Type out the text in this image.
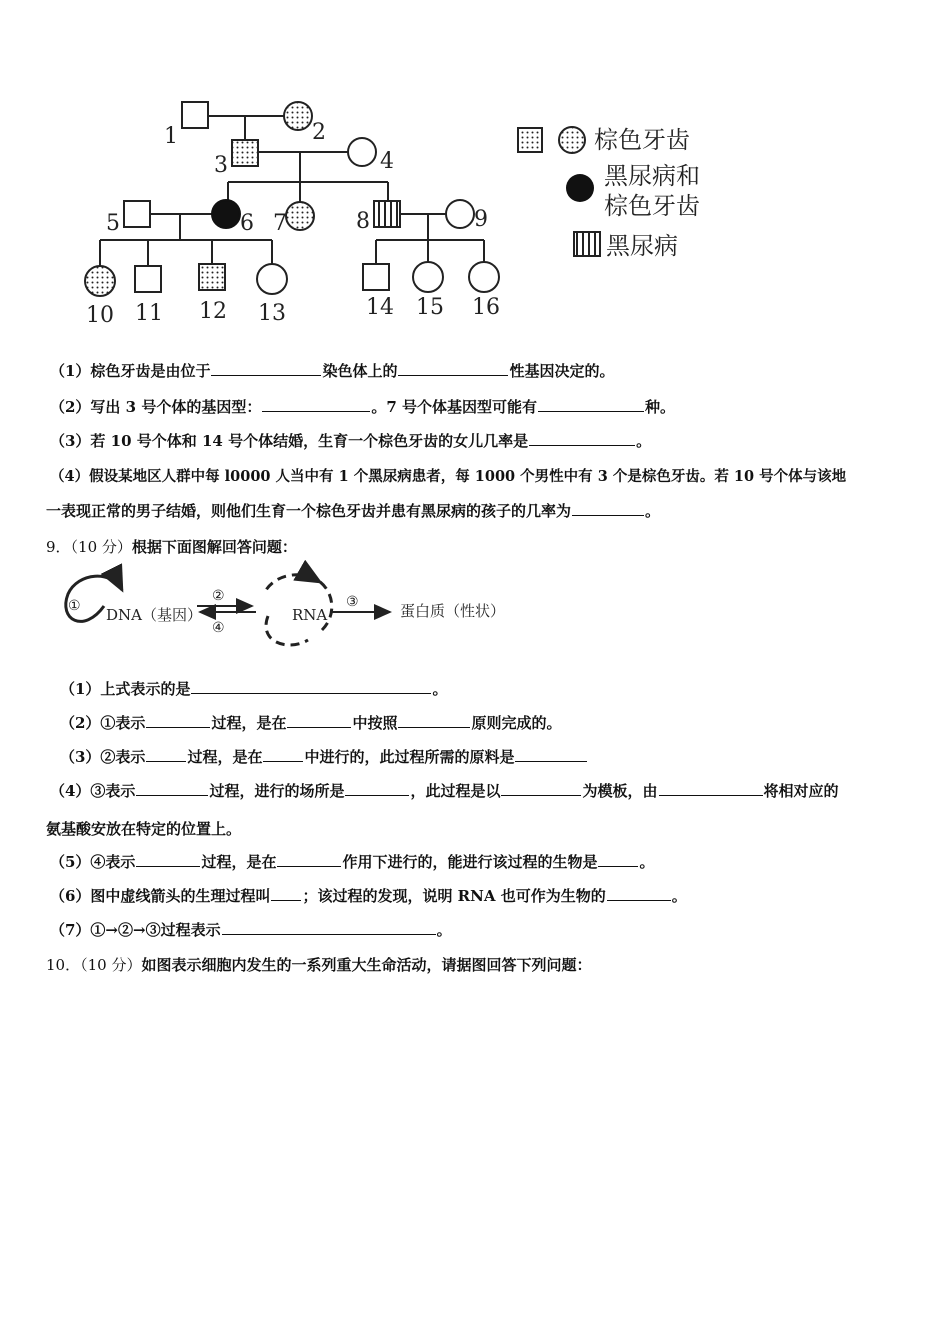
1	2
3	4
5	6 7	8	9
10 11 12 13	14 15 16
棕色牙齿
黑尿病和
棕色牙齿
黑尿病
（1）棕色牙齿是由位于	染色体上的	性基因决定的。
（2）写出 3 号个体的基因型：	。7 号个体基因型可能有	种。
（3）若 10 号个体和 14 号个体结婚，生育一个棕色牙齿的女儿几率是	。
（4）假设某地区人群中每 l0000 人当中有 1 个黑尿病患者，每 1000 个男性中有 3 个是棕色牙齿。若 10 号个体与该地
一表现正常的男子结婚，则他们生育一个棕色牙齿并患有黑尿病的孩子的几率为	。
9．（10 分）根据下面图解回答问题：
① DNA（基因）
②
④
RNA
③	蛋白质（性状）
（1）上式表示的是	。
（2）①表示	过程，是在	中按照	原则完成的。
（3）②表示	过程，是在	中进行的，此过程所需的原料是
（4）③表示	过程，进行的场所是	，此过程是以	为模板，由	将相对应的
氨基酸安放在特定的位置上。
（5）④表示	过程，是在	作用下进行的，能进行该过程的生物是	。
（6）图中虚线箭头的生理过程叫 ；该过程的发现，说明 RNA 也可作为生物的	。
（7）①→②→③过程表示	。
10．（10 分）如图表示细胞内发生的一系列重大生命活动，请据图回答下列问题：
